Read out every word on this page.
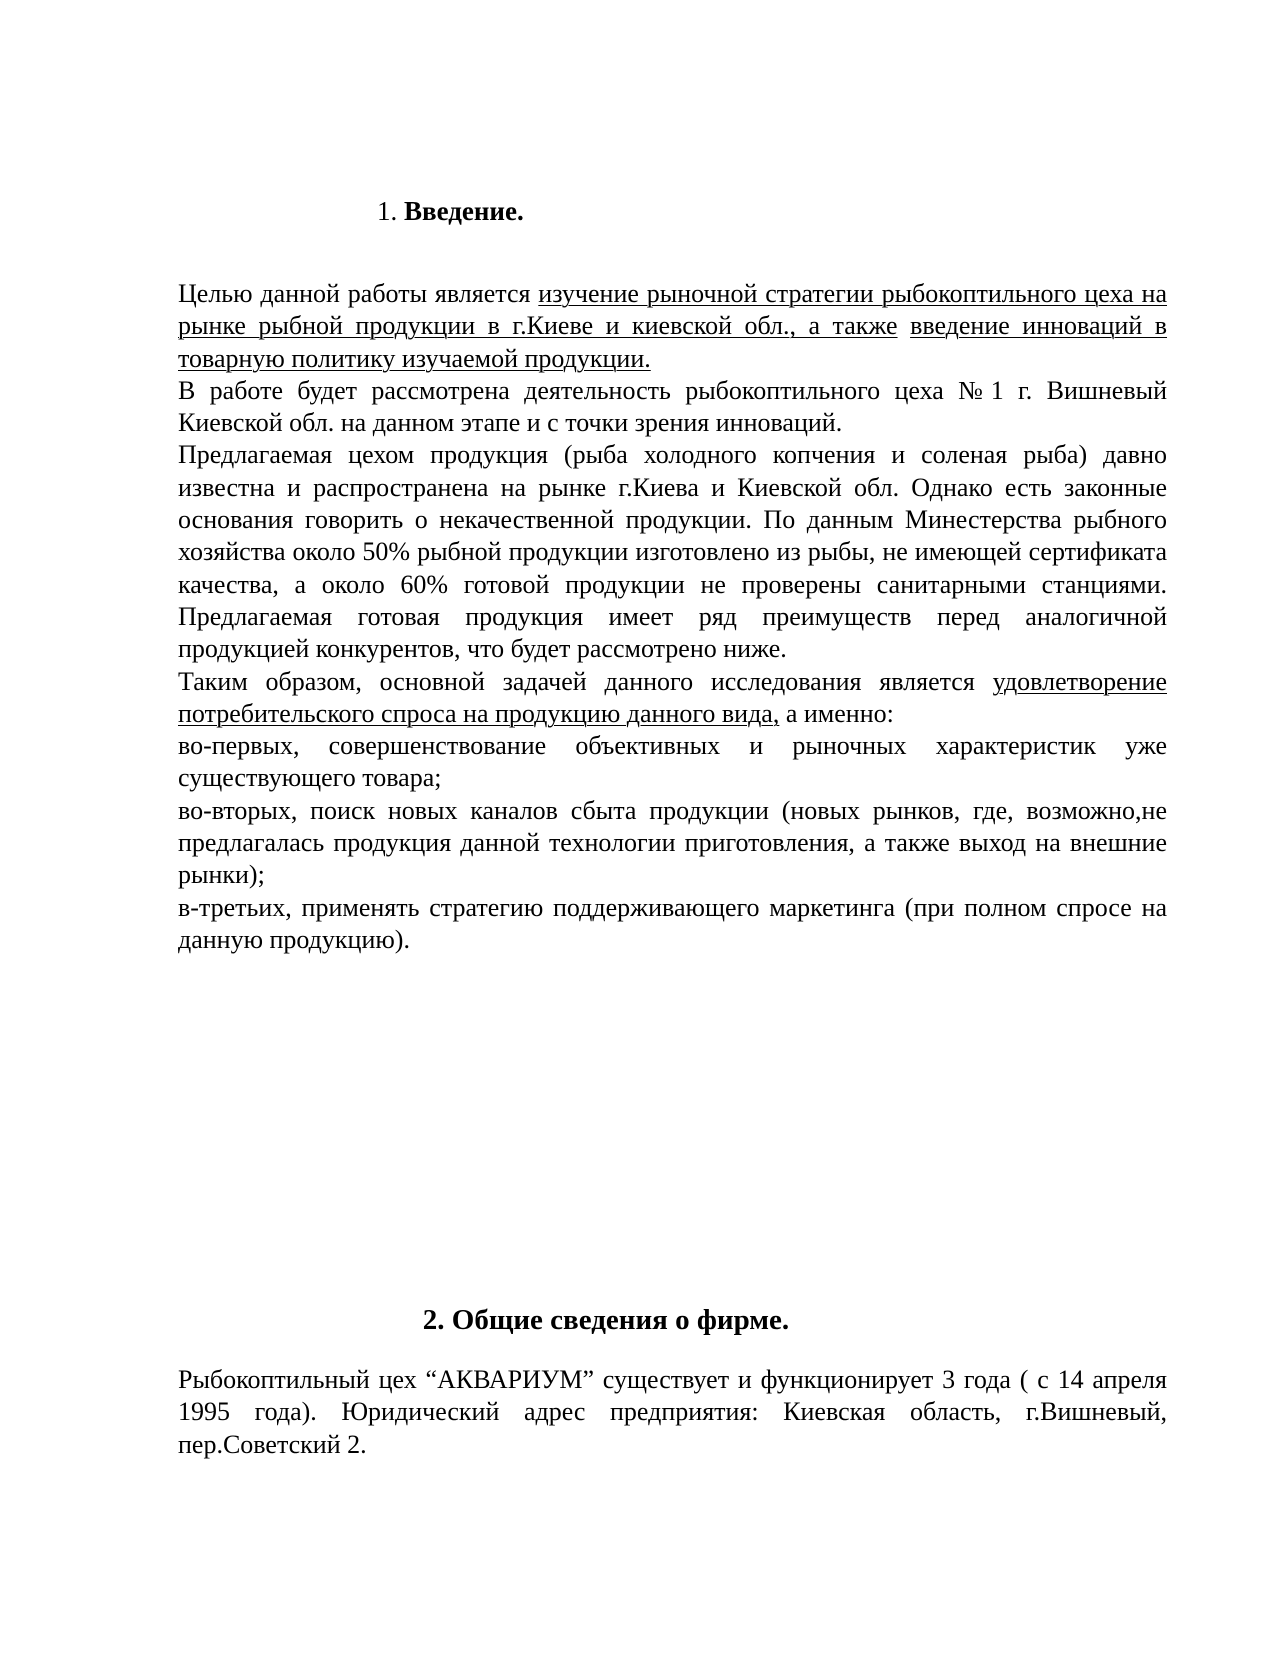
1. Введение.

Целью данной работы является изучение рыночной стратегии рыбокоптильного цеха на рынке рыбной продукции в г.Киеве и киевской обл., а также введение инноваций в товарную политику изучаемой продукции.

В работе будет рассмотрена деятельность рыбокоптильного цеха №1 г. Вишневый Киевской обл. на данном этапе и с точки зрения инноваций.

Предлагаемая цехом продукция (рыба холодного копчения и соленая рыба) давно известна и распространена на рынке г.Киева и Киевской обл. Однако есть законные основания говорить о некачественной продукции. По данным Минестерства рыбного хозяйства около 50% рыбной продукции изготовлено из рыбы, не имеющей сертификата качества, а около 60% готовой продукции не проверены санитарными станциями. Предлагаемая готовая продукция имеет ряд преимуществ перед аналогичной продукцией конкурентов, что будет рассмотрено ниже.

Таким образом, основной задачей данного исследования является удовлетворение потребительского спроса на продукцию данного вида, а именно:

во-первых, совершенствование объективных и рыночных характеристик уже существующего товара;

во-вторых, поиск новых каналов сбыта продукции (новых рынков, где, возможно,не предлагалась продукция данной технологии приготовления, а также выход на внешние рынки);

в-третьих, применять стратегию поддерживающего маркетинга (при полном спросе на данную продукцию).

2. Общие сведения о фирме.

Рыбокоптильный цех “АКВАРИУМ” существует и функционирует 3 года ( с 14 апреля 1995 года). Юридический адрес предприятия: Киевская область, г.Вишневый, пер.Советский 2.
